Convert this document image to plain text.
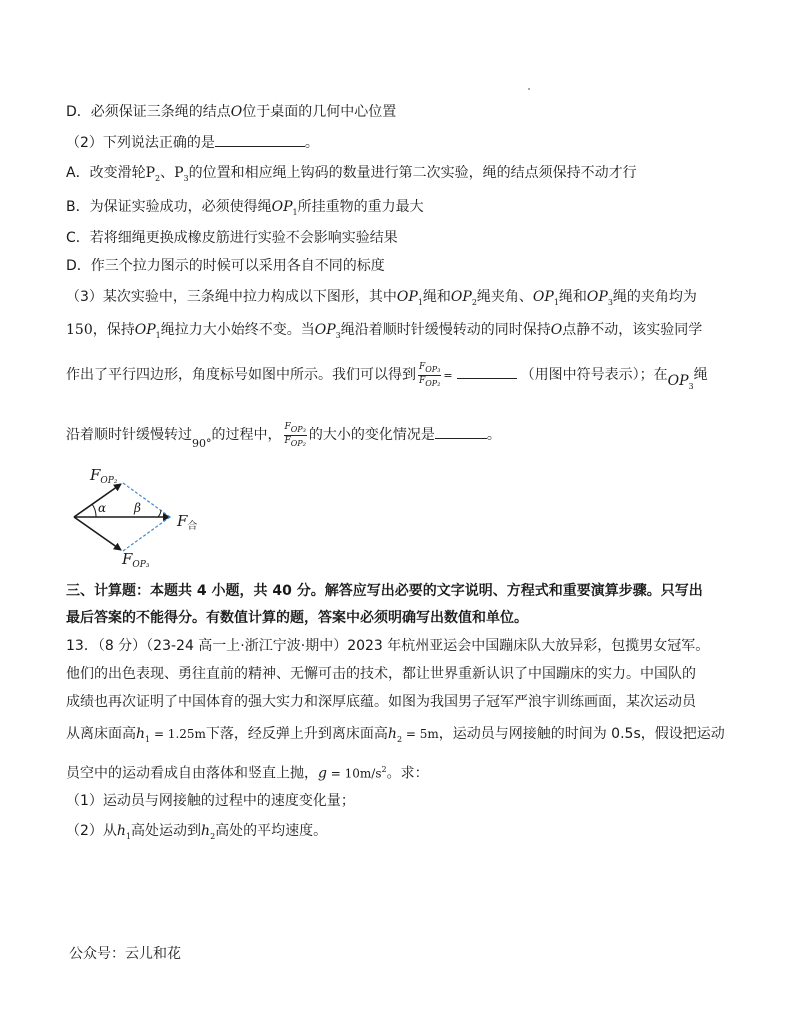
D．必须保证三条绳的结点O位于桌面的几何中心位置
（2）下列说法正确的是	。
A．改变滑轮$P_2$、$P_3$的位置和相应绳上钩码的数量进行第二次实验，绳的结点须保持不动才行
B．为保证实验成功，必须使得绳$OP_1$所挂重物的重力最大
C．若将细绳更换成橡皮筋进行实验不会影响实验结果
D．作三个拉力图示的时候可以采用各自不同的标度
（3）某次实验中，三条绳中拉力构成以下图形，其中$OP_1$绳和$OP_2$绳夹角、$OP_1$绳和$OP_3$绳的夹角均为
150，保持$OP_1$绳拉力大小始终不变。当$OP_3$绳沿着顺时针缓慢转动的同时保持O点静不动，该实验同学
作出了平行四边形，角度标号如图中所示。我们可以得到 $\frac{F_{OP_3}}{F_{OP_2}}$ =	（用图中符号表示）；在$OP_3$绳
沿着顺时针缓慢转过$_{90^\circ}$的过程中， $\frac{F_{OP_3}}{F_{OP_2}}$ 的大小的变化情况是	。
α β
$F_{OP_2}$
$F_{OP_3}$
$F_合$
三、计算题：本题共 4 小题，共 40 分。解答应写出必要的文字说明、方程式和重要演算步骤。只写出
最后答案的不能得分。有数值计算的题，答案中必须明确写出数值和单位。
13．（8 分）（23-24 高一上·浙江宁波·期中）2023 年杭州亚运会中国蹦床队大放异彩，包揽男女冠军。
他们的出色表现、勇往直前的精神、无懈可击的技术，都让世界重新认识了中国蹦床的实力。中国队的
成绩也再次证明了中国体育的强大实力和深厚底蕴。如图为我国男子冠军严浪宇训练画面，某次运动员
从离床面高$h_1 = 1.25m$下落，经反弹上升到离床面高$h_2 = 5m$，运动员与网接触的时间为 0.5s，假设把运动
员空中的运动看成自由落体和竖直上抛，$g = 10m/s^2$。求：
（1）运动员与网接触的过程中的速度变化量；
（2）从$h_1$高处运动到$h_2$高处的平均速度。
公众号：云儿和花
